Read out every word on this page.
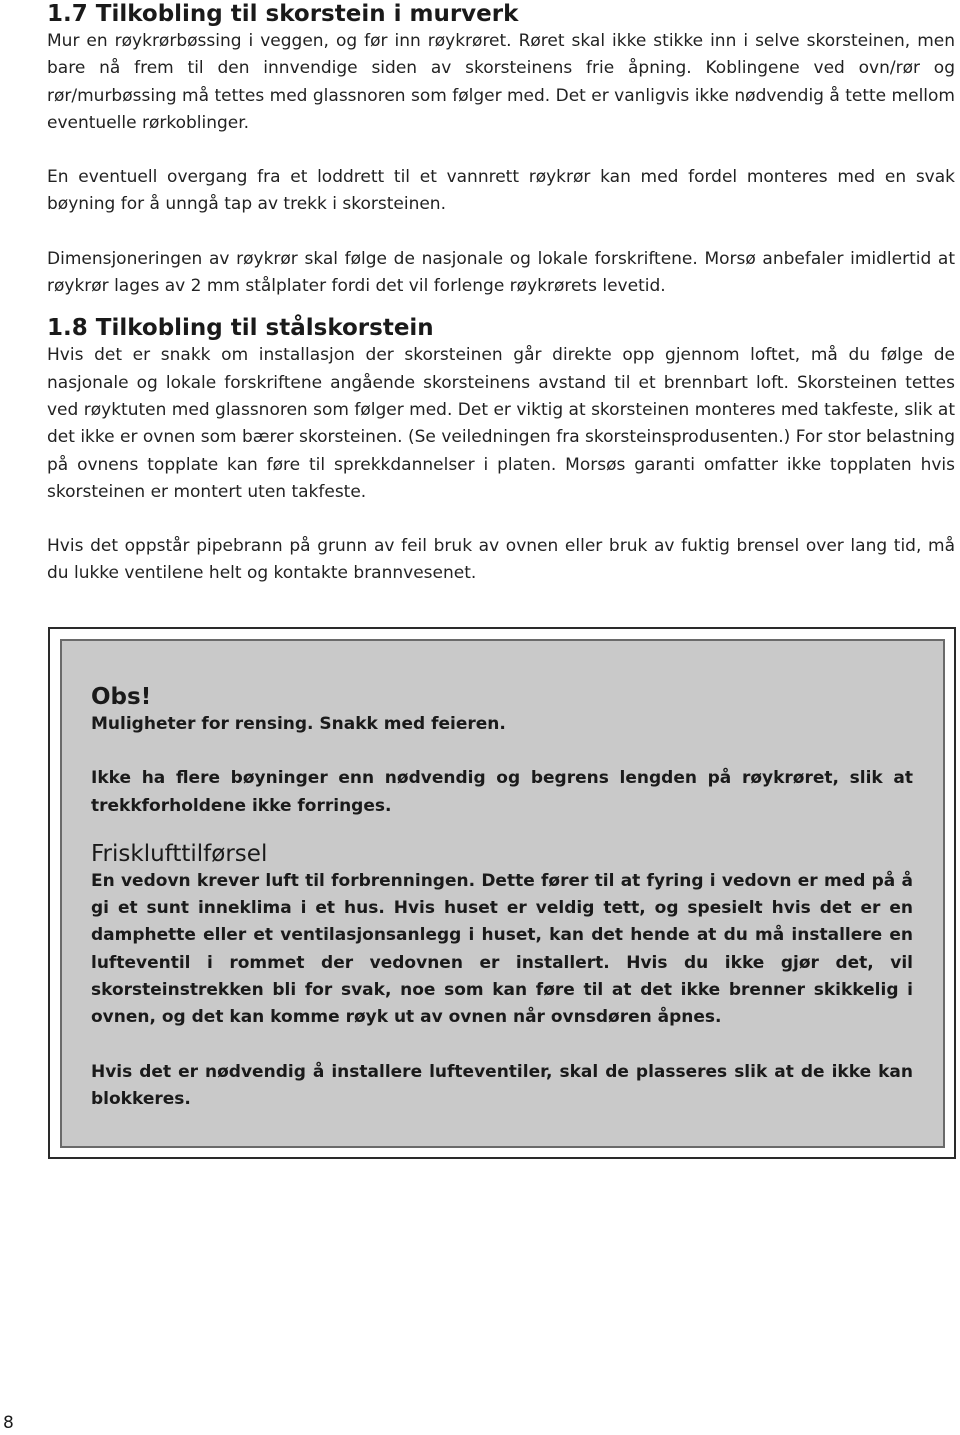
1.7 Tilkobling til skorstein i murverk

Mur en røykrørbøssing i veggen, og før inn røykrøret. Røret skal ikke stikke inn i selve skorsteinen, men bare nå frem til den innvendige siden av skorsteinens frie åpning. Koblingene ved ovn/rør og rør/murbøssing må tettes med glassnoren som følger med. Det er vanligvis ikke nødvendig å tette mellom eventuelle rørkoblinger.

En eventuell overgang fra et loddrett til et vannrett røykrør kan med fordel monteres med en svak bøyning for å unngå tap av trekk i skorsteinen.

Dimensjoneringen av røykrør skal følge de nasjonale og lokale forskriftene. Morsø anbefaler imidlertid at røykrør lages av 2 mm stålplater fordi det vil forlenge røykrørets levetid.

1.8 Tilkobling til stålskorstein

Hvis det er snakk om installasjon der skorsteinen går direkte opp gjennom loftet, må du følge de nasjonale og lokale forskriftene angående skorsteinens avstand til et brennbart loft. Skorsteinen tettes ved røyktuten med glassnoren som følger med. Det er viktig at skorsteinen monteres med takfeste, slik at det ikke er ovnen som bærer skorsteinen. (Se veiledningen fra skorsteinsprodusenten.) For stor belastning på ovnens topplate kan føre til sprekkdannelser i platen. Morsøs garanti omfatter ikke topplaten hvis skorsteinen er montert uten takfeste.

Hvis det oppstår pipebrann på grunn av feil bruk av ovnen eller bruk av fuktig brensel over lang tid, må du lukke ventilene helt og kontakte brannvesenet.

Obs!

Muligheter for rensing. Snakk med feieren.

Ikke ha flere bøyninger enn nødvendig og begrens lengden på røykrøret, slik at trekkforholdene ikke forringes.

Frisklufttilførsel

En vedovn krever luft til forbrenningen. Dette fører til at fyring i vedovn er med på å gi et sunt inneklima i et hus. Hvis huset er veldig tett, og spesielt hvis det er en damphette eller et ventilasjonsanlegg i huset, kan det hende at du må installere en lufteventil i rommet der vedovnen er installert. Hvis du ikke gjør det, vil skorsteinstrekken bli for svak, noe som kan føre til at det ikke brenner skikkelig i ovnen, og det kan komme røyk ut av ovnen når ovnsdøren åpnes.

Hvis det er nødvendig å installere lufteventiler, skal de plasseres slik at de ikke kan blokkeres.

8
